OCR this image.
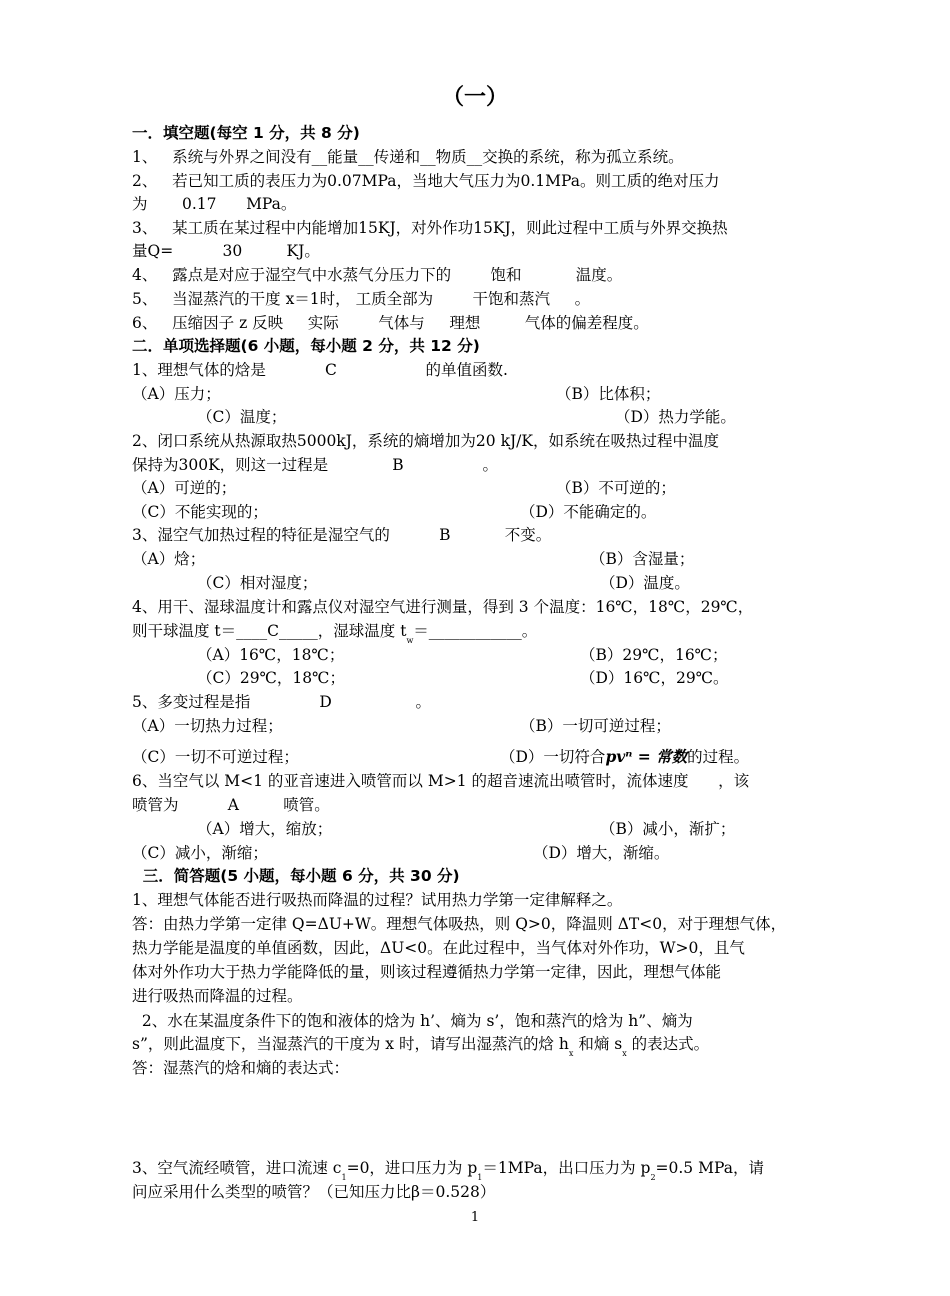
（一）
一．填空题(每空 1 分，共 8 分)
1、   系统与外界之间没有__能量__传递和__物质__交换的系统，称为孤立系统。
2、   若已知工质的表压力为0.07MPa，当地大气压力为0.1MPa。则工质的绝对压力
为       0.17      MPa。
3、   某工质在某过程中内能增加15KJ，对外作功15KJ，则此过程中工质与外界交换热
量Q=          30         KJ。
4、   露点是对应于湿空气中水蒸气分压力下的        饱和           温度。
5、   当湿蒸汽的干度 x＝1时， 工质全部为        干饱和蒸汽     。
6、   压缩因子 z 反映     实际        气体与     理想         气体的偏差程度。
二．单项选择题(6 小题，每小题 2 分，共 12 分)
1、理想气体的焓是            C                  的单值函数.
（A）压力；	（B）比体积；
（C）温度；	（D）热力学能。
2、闭口系统从热源取热5000kJ，系统的熵增加为20 kJ/K，如系统在吸热过程中温度
保持为300K，则这一过程是             B                。
（A）可逆的；	（B）不可逆的；
（C）不能实现的；	（D）不能确定的。
3、湿空气加热过程的特征是湿空气的          B           不变。
（A）焓；	（B）含湿量；
（C）相对湿度；	（D）温度。
4、用干、湿球温度计和露点仪对湿空气进行测量，得到 3 个温度：16℃，18℃，29℃，
则干球温度 t＝____C_____，湿球温度 $t_w=\_\_\_\_\_\_\_\_\_\_\_\_$。
（A）16℃，18℃；	（B）29℃，16℃；
（C）29℃，18℃；	（D）16℃，29℃。
5、多变过程是指              D                 。
（A）一切热力过程；	（B）一切可逆过程；
（C）一切不可逆过程；	（D）一切符合pvⁿ = 常数的过程。
6、当空气以 M<1 的亚音速进入喷管而以 M>1 的超音速流出喷管时，流体速度      ，该
喷管为          A         喷管。
（A）增大，缩放；	（B）减小，渐扩；
（C）减小，渐缩；	（D）增大，渐缩。
三．简答题(5 小题，每小题 6 分，共 30 分)
1、理想气体能否进行吸热而降温的过程？试用热力学第一定律解释之。
答：由热力学第一定律 Q=ΔU+W。理想气体吸热，则 Q>0，降温则 ΔT<0，对于理想气体，
热力学能是温度的单值函数，因此，ΔU<0。在此过程中，当气体对外作功，W>0，且气
体对外作功大于热力学能降低的量，则该过程遵循热力学第一定律，因此，理想气体能
进行吸热而降温的过程。
2、水在某温度条件下的饱和液体的焓为 h’、熵为 s’，饱和蒸汽的焓为 h”、熵为
s”，则此温度下，当湿蒸汽的干度为 x 时，请写出湿蒸汽的焓 $h_x$ 和熵 $s_x$ 的表达式。
答：湿蒸汽的焓和熵的表达式：
3、空气流经喷管，进口流速 $c_1=0$，进口压力为 $p_1=1MPa$，出口压力为 $p_2=0.5$ MPa，请
问应采用什么类型的喷管？（已知压力比β＝0.528）
1
